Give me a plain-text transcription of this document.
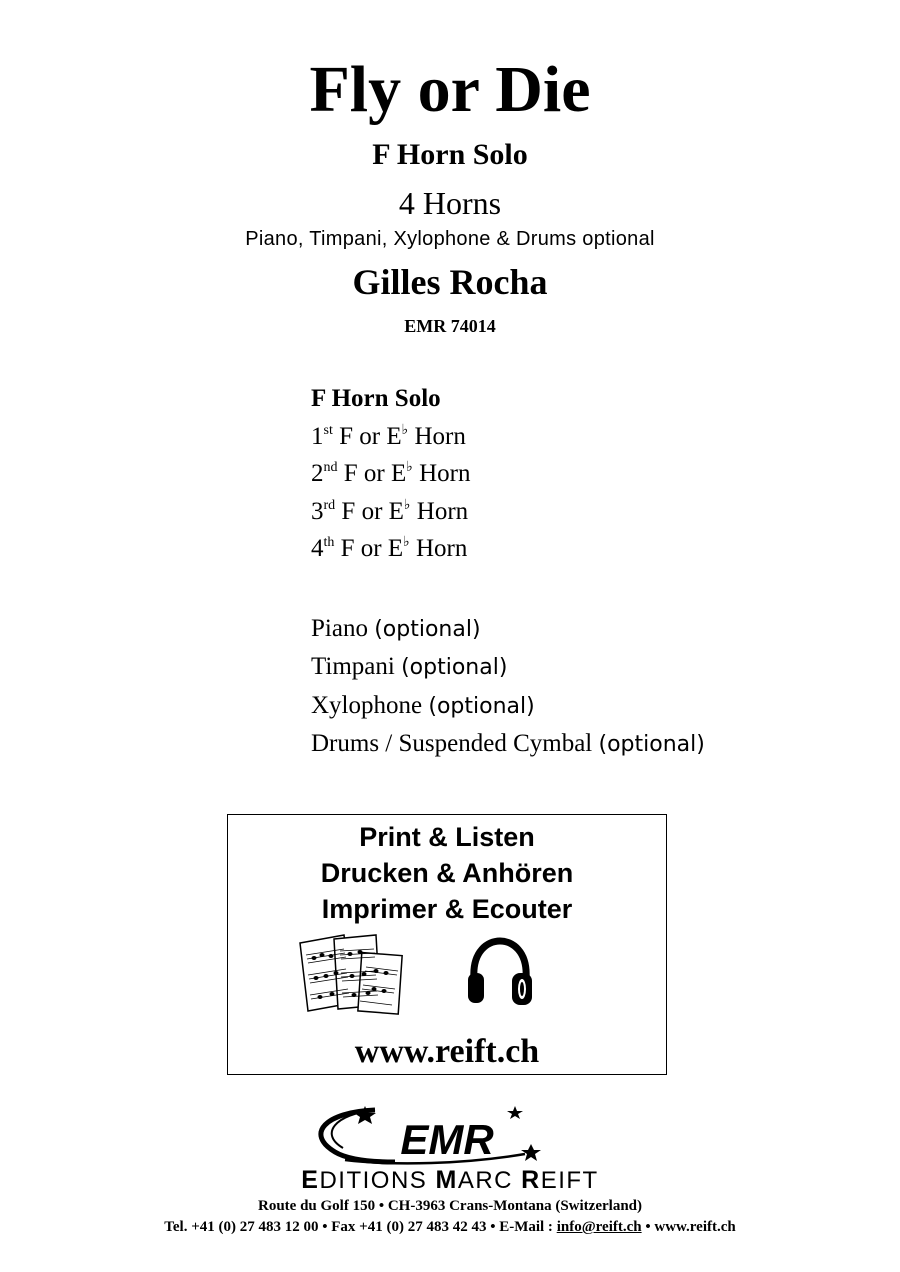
Fly or Die
F Horn Solo
4 Horns
Piano, Timpani, Xylophone & Drums optional
Gilles Rocha
EMR 74014
F Horn Solo
1st F or E♭ Horn
2nd F or E♭ Horn
3rd F or E♭ Horn
4th F or E♭ Horn
Piano (optional)
Timpani (optional)
Xylophone (optional)
Drums / Suspended Cymbal (optional)
Print & Listen
Drucken & Anhören
Imprimer & Ecouter
www.reift.ch
EMR
EDITIONS MARC REIFT
Route du Golf 150 • CH-3963 Crans-Montana (Switzerland)
Tel. +41 (0) 27 483 12 00 • Fax +41 (0) 27 483 42 43 • E-Mail : info@reift.ch • www.reift.ch
